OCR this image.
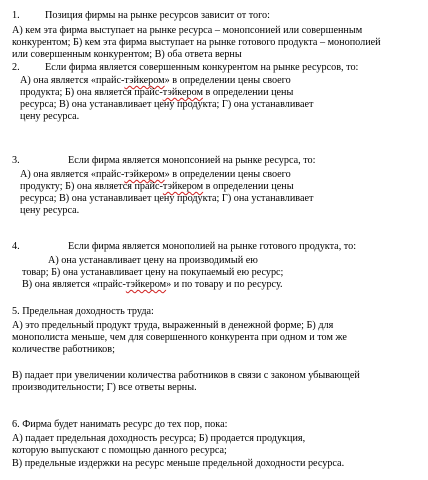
1. Позиция фирмы на рынке ресурсов зависит от того:
А) кем эта фирма выступает на рынке ресурса – монопсонией или совершенным
конкурентом; Б) кем эта фирма выступает на рынке готового продукта – монополией
или совершенным конкурентом; В) оба ответа верны
2. Если фирма является совершенным конкурентом на рынке ресурсов, то:
А) она является «прайс-тэйкером» в определении цены своего
продукта; Б) она является прайс-тэйкером в определении цены
ресурса; В) она устанавливает цену продукта; Г) она устанавливает
цену ресурса.
3.	Если фирма является монопсонией на рынке ресурса, то:
А) она является «прайс-тэйкером» в определении цены своего
продукту; Б) она является прайс-тэйкером в определении цены
ресурса; В) она устанавливает цену продукта; Г) она устанавливает
цену ресурса.
4.	Если фирма является монополией на рынке готового продукта, то:
А) она устанавливает цену на производимый ею
товар; Б) она устанавливает цену на покупаемый ею ресурс;
В) она является «прайс-тэйкером» и по товару и по ресурсу.
5. Предельная доходность труда:
А) это предельный продукт труда, выраженный в денежной форме; Б) для
монополиста меньше, чем для совершенного конкурента при одном и том же
количестве работников;
В) падает при увеличении количества работников в связи с законом убывающей
производительности; Г) все ответы верны.
6. Фирма будет нанимать ресурс до тех пор, пока:
А) падает предельная доходность ресурса; Б) продается продукция,
которую выпускают с помощью данного ресурса;
В) предельные издержки на ресурс меньше предельной доходности ресурса.
